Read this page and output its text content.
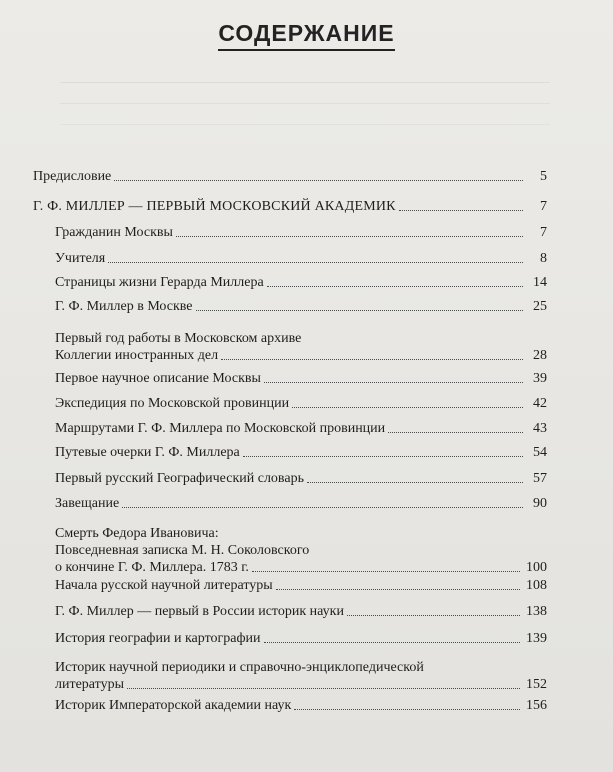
СОДЕРЖАНИЕ
Предисловие	5
Г. Ф. МИЛЛЕР — ПЕРВЫЙ МОСКОВСКИЙ АКАДЕМИК	7
Гражданин Москвы	7
Учителя	8
Страницы жизни Герарда Миллера	14
Г. Ф. Миллер в Москве	25
Первый год работы в Московском архиве
Коллегии иностранных дел	28
Первое научное описание Москвы	39
Экспедиция по Московской провинции	42
Маршрутами Г. Ф. Миллера по Московской провинции	43
Путевые очерки Г. Ф. Миллера	54
Первый русский Географический словарь	57
Завещание	90
Смерть Федора Ивановича:
Повседневная записка М. Н. Соколовского
о кончине Г. Ф. Миллера. 1783 г.	100
Начала русской научной литературы	108
Г. Ф. Миллер — первый в России историк науки	138
История географии и картографии	139
Историк научной периодики и справочно-энциклопедической
литературы	152
Историк Императорской академии наук	156
